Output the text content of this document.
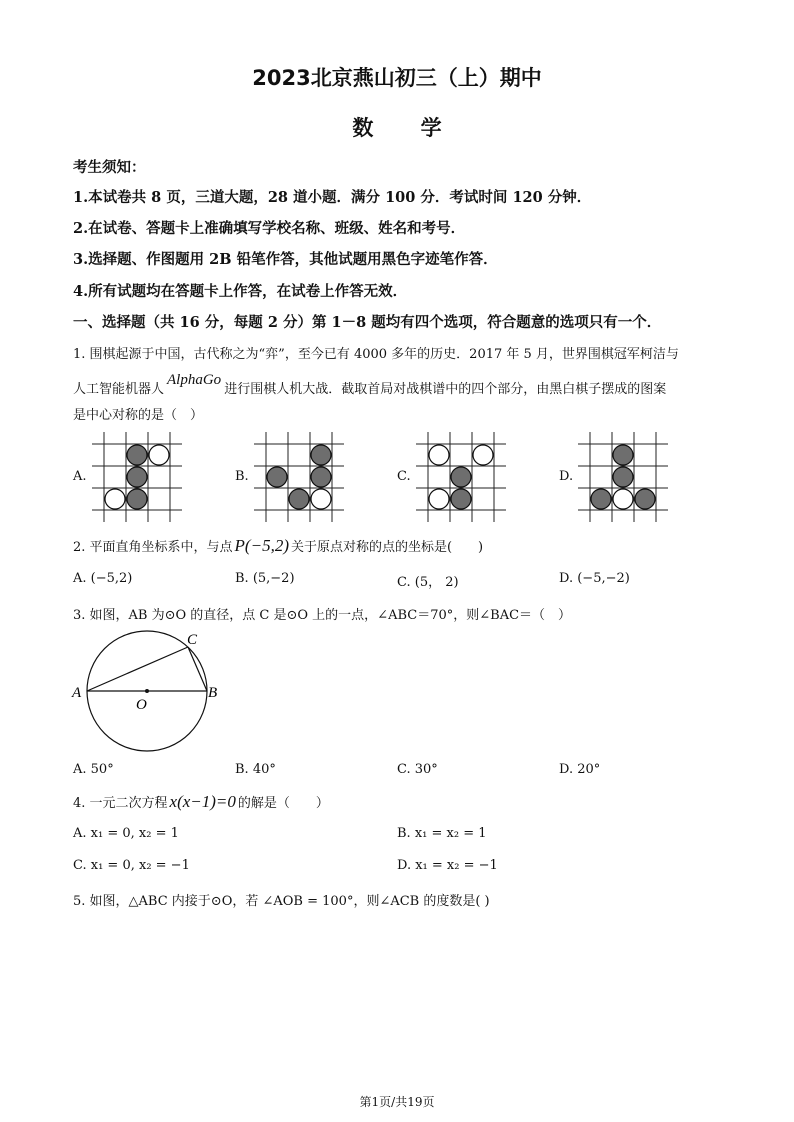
2023北京燕山初三（上）期中
数 学
考生须知：
1.本试卷共 8 页，三道大题，28 道小题．满分 100 分．考试时间 120 分钟．
2.在试卷、答题卡上准确填写学校名称、班级、姓名和考号．
3.选择题、作图题用 2B 铅笔作答，其他试题用黑色字迹笔作答．
4.所有试题均在答题卡上作答，在试卷上作答无效．
一、选择题（共 16 分，每题 2 分）第 1－8 题均有四个选项，符合题意的选项只有一个．
1. 围棋起源于中国，古代称之为“弈”，至今已有 4000 多年的历史．2017 年 5 月，世界围棋冠军柯洁与
人工智能机器人AlphaGo进行围棋人机大战．截取首局对战棋谱中的四个部分，由黑白棋子摆成的图案
是中心对称的是（　）
A.	B.	C.	D.
2. 平面直角坐标系中，与点 P(−5,2) 关于原点对称的点的坐标是(　　)
A. (−5,2)	B. (5,−2)	C. (5， 2)	D. (−5,−2)
3. 如图，AB 为⊙O 的直径，点 C 是⊙O 上的一点，∠ABC＝70°，则∠BAC＝（　）
A	B
C
O
A. 50°	B. 40°	C. 30°	D. 20°
4. 一元二次方程 x(x−1)=0 的解是（　　）
A. x₁ = 0, x₂ = 1	B. x₁ = x₂ = 1
C. x₁ = 0, x₂ = −1	D. x₁ = x₂ = −1
5. 如图，△ABC 内接于⊙O，若 ∠AOB = 100°，则∠ACB 的度数是( )
第1页/共19页
